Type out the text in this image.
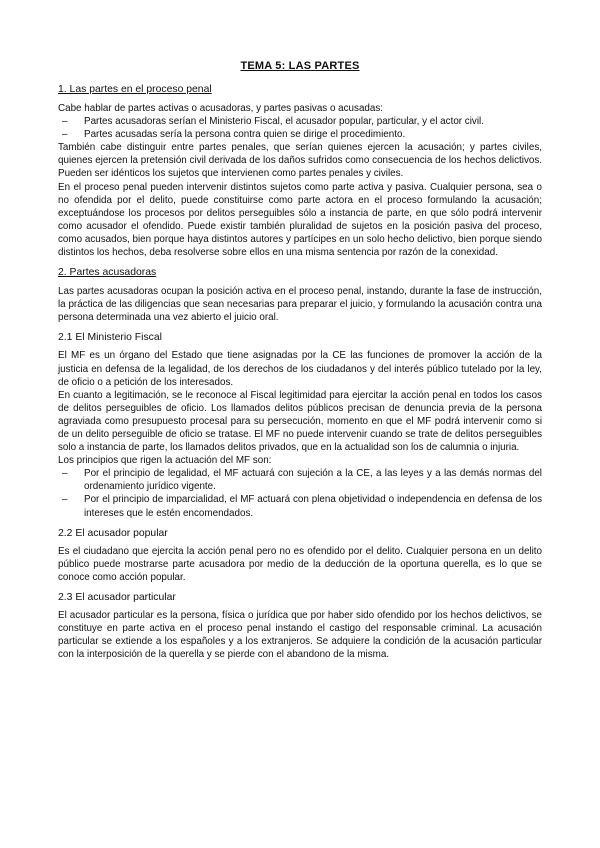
TEMA 5: LAS PARTES
1. Las partes en el proceso penal

Cabe hablar de partes activas o acusadoras, y partes pasivas o acusadas:

– Partes acusadoras serían el Ministerio Fiscal, el acusador popular, particular, y el actor civil.
– Partes acusadas sería la persona contra quien se dirige el procedimiento.

También cabe distinguir entre partes penales, que serían quienes ejercen la acusación; y partes civiles, quienes ejercen la pretensión civil derivada de los daños sufridos como consecuencia de los hechos delictivos. Pueden ser idénticos los sujetos que intervienen como partes penales y civiles.

En el proceso penal pueden intervenir distintos sujetos como parte activa y pasiva. Cualquier persona, sea o no ofendida por el delito, puede constituirse como parte actora en el proceso formulando la acusación; exceptuándose los procesos por delitos perseguibles sólo a instancia de parte, en que sólo podrá intervenir como acusador el ofendido. Puede existir también pluralidad de sujetos en la posición pasiva del proceso, como acusados, bien porque haya distintos autores y partícipes en un solo hecho delictivo, bien porque siendo distintos los hechos, deba resolverse sobre ellos en una misma sentencia por razón de la conexidad.

2. Partes acusadoras

Las partes acusadoras ocupan la posición activa en el proceso penal, instando, durante la fase de instrucción, la práctica de las diligencias que sean necesarias para preparar el juicio, y formulando la acusación contra una persona determinada una vez abierto el juicio oral.

2.1 El Ministerio Fiscal

El MF es un órgano del Estado que tiene asignadas por la CE las funciones de promover la acción de la justicia en defensa de la legalidad, de los derechos de los ciudadanos y del interés público tutelado por la ley, de oficio o a petición de los interesados.

En cuanto a legitimación, se le reconoce al Fiscal legitimidad para ejercitar la acción penal en todos los casos de delitos perseguibles de oficio. Los llamados delitos públicos precisan de denuncia previa de la persona agraviada como presupuesto procesal para su persecución, momento en que el MF podrá intervenir como si de un delito perseguible de oficio se tratase. El MF no puede intervenir cuando se trate de delitos perseguibles solo a instancia de parte, los llamados delitos privados, que en la actualidad son los de calumnia o injuria.

Los principios que rigen la actuación del MF son:

– Por el principio de legalidad, el MF actuará con sujeción a la CE, a las leyes y a las demás normas del ordenamiento jurídico vigente.
– Por el principio de imparcialidad, el MF actuará con plena objetividad o independencia en defensa de los intereses que le estén encomendados.
2.2 El acusador popular

Es el ciudadano que ejercita la acción penal pero no es ofendido por el delito. Cualquier persona en un delito público puede mostrarse parte acusadora por medio de la deducción de la oportuna querella, es lo que se conoce como acción popular.

2.3 El acusador particular

El acusador particular es la persona, física o jurídica que por haber sido ofendido por los hechos delictivos, se constituye en parte activa en el proceso penal instando el castigo del responsable criminal. La acusación particular se extiende a los españoles y a los extranjeros. Se adquiere la condición de la acusación particular con la interposición de la querella y se pierde con el abandono de la misma.
